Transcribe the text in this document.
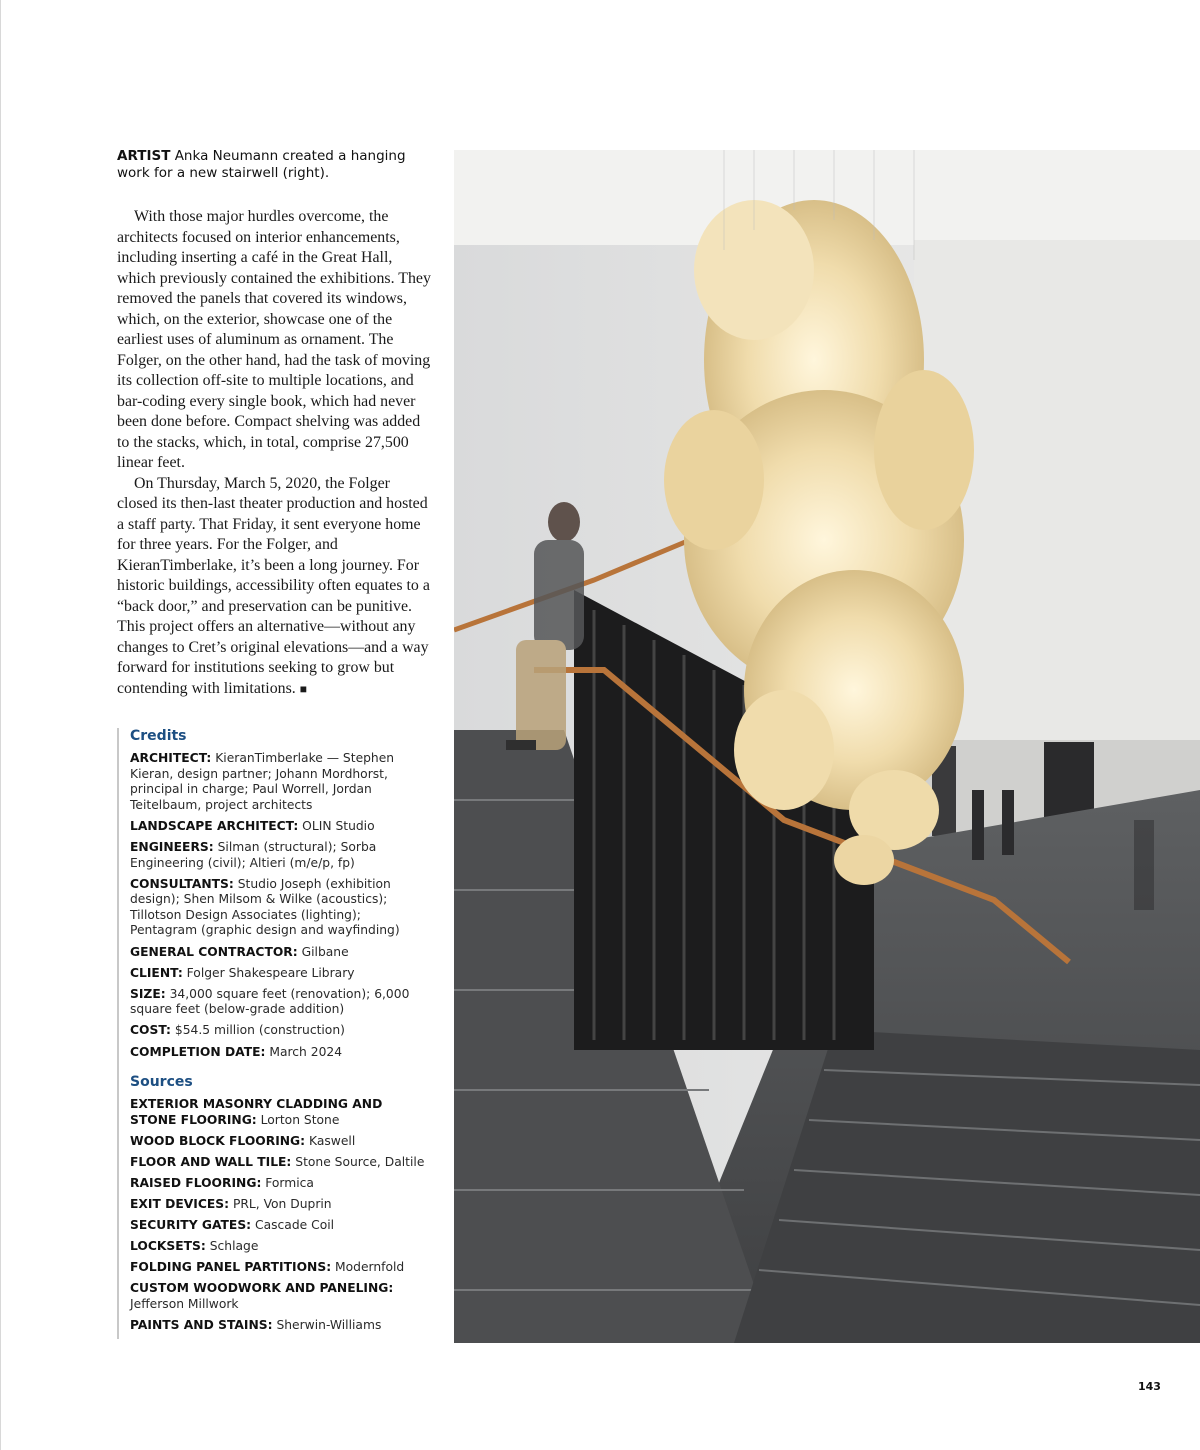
ARTIST Anka Neumann created a hanging work for a new stairwell (right).

With those major hurdles overcome, the architects focused on interior enhancements, including inserting a café in the Great Hall, which previously contained the exhibitions. They removed the panels that covered its windows, which, on the exterior, showcase one of the earliest uses of aluminum as ornament. The Folger, on the other hand, had the task of moving its collection off-site to multiple locations, and bar-coding every single book, which had never been done before. Compact shelving was added to the stacks, which, in total, comprise 27,500 linear feet.

On Thursday, March 5, 2020, the Folger closed its then-last theater production and hosted a staff party. That Friday, it sent everyone home for three years. For the Folger, and KieranTimberlake, it’s been a long journey. For historic buildings, accessibility often equates to a “back door,” and preservation can be punitive. This project offers an alternative—without any changes to Cret’s original elevations—and a way forward for institutions seeking to grow but contending with limitations. ■

Credits
ARCHITECT: KieranTimberlake — Stephen Kieran, design partner; Johann Mordhorst, principal in charge; Paul Worrell, Jordan Teitelbaum, project architects
LANDSCAPE ARCHITECT: OLIN Studio
ENGINEERS: Silman (structural); Sorba Engineering (civil); Altieri (m/e/p, fp)
CONSULTANTS: Studio Joseph (exhibition design); Shen Milsom & Wilke (acoustics); Tillotson Design Associates (lighting); Pentagram (graphic design and wayfinding)
GENERAL CONTRACTOR: Gilbane
CLIENT: Folger Shakespeare Library
SIZE: 34,000 square feet (renovation); 6,000 square feet (below-grade addition)
COST: $54.5 million (construction)
COMPLETION DATE: March 2024
Sources
EXTERIOR MASONRY CLADDING AND STONE FLOORING: Lorton Stone
WOOD BLOCK FLOORING: Kaswell
FLOOR AND WALL TILE: Stone Source, Daltile
RAISED FLOORING: Formica
EXIT DEVICES: PRL, Von Duprin
SECURITY GATES: Cascade Coil
LOCKSETS: Schlage
FOLDING PANEL PARTITIONS: Modernfold
CUSTOM WOODWORK AND PANELING: Jefferson Millwork
PAINTS AND STAINS: Sherwin-Williams
143
